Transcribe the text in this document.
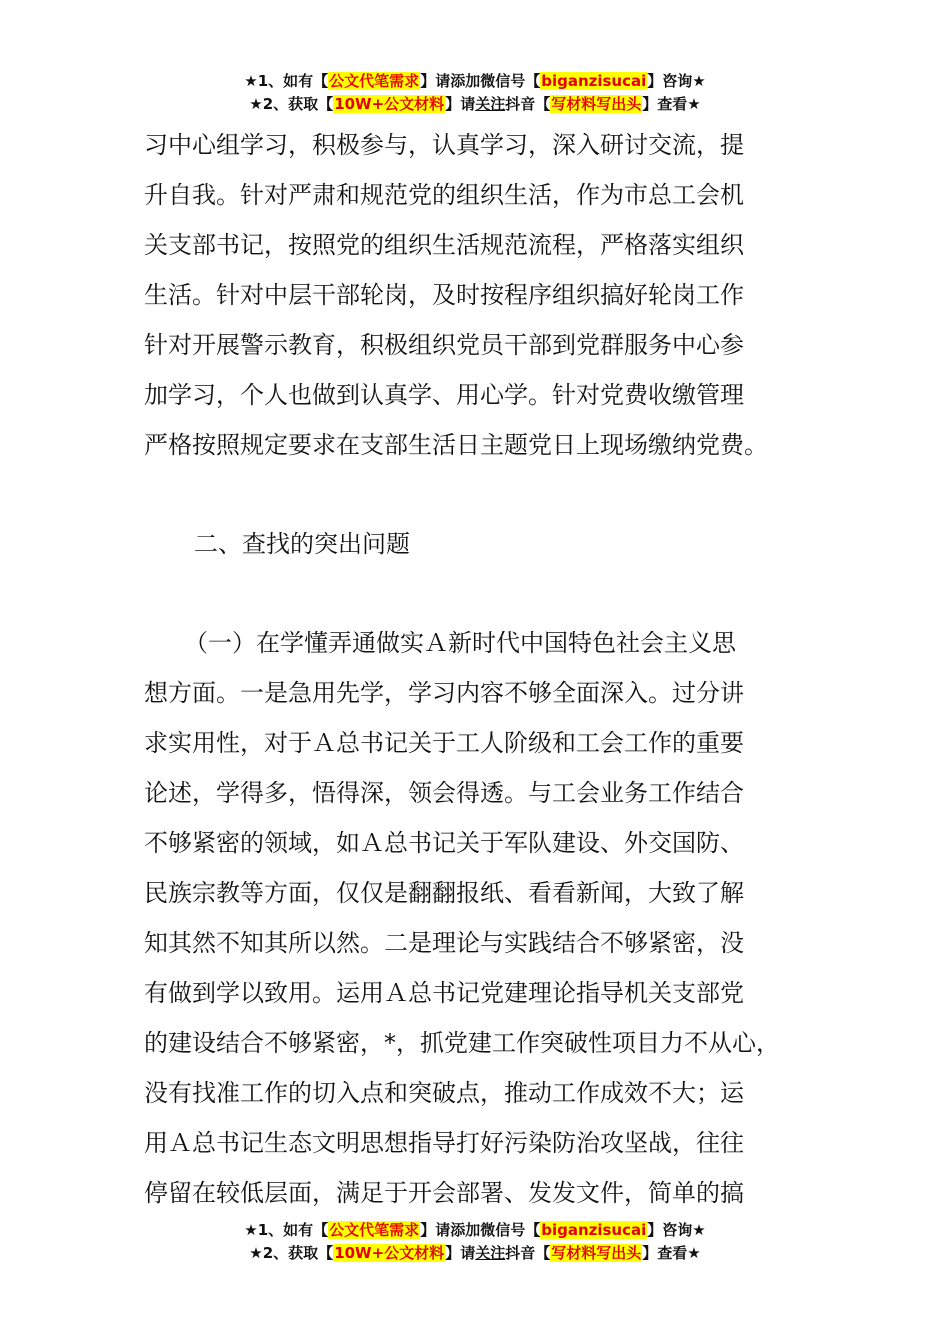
★1、如有【公文代笔需求】请添加微信号【biganzisucai】咨询★
★2、获取【10W+公文材料】请关注抖音【写材料写出头】查看★
习中心组学习，积极参与，认真学习，深入研讨交流，提
升自我。针对严肃和规范党的组织生活，作为市总工会机
关支部书记，按照党的组织生活规范流程，严格落实组织
生活。针对中层干部轮岗，及时按程序组织搞好轮岗工作
针对开展警示教育，积极组织党员干部到党群服务中心参
加学习，个人也做到认真学、用心学。针对党费收缴管理
严格按照规定要求在支部生活日主题党日上现场缴纳党费。
二、查找的突出问题
（一）在学懂弄通做实Ａ新时代中国特色社会主义思
想方面。一是急用先学，学习内容不够全面深入。过分讲
求实用性，对于Ａ总书记关于工人阶级和工会工作的重要
论述，学得多，悟得深，领会得透。与工会业务工作结合
不够紧密的领域，如Ａ总书记关于军队建设、外交国防、
民族宗教等方面，仅仅是翻翻报纸、看看新闻，大致了解
知其然不知其所以然。二是理论与实践结合不够紧密，没
有做到学以致用。运用Ａ总书记党建理论指导机关支部党
的建设结合不够紧密，*，抓党建工作突破性项目力不从心，
没有找准工作的切入点和突破点，推动工作成效不大；运
用Ａ总书记生态文明思想指导打好污染防治攻坚战，往往
停留在较低层面，满足于开会部署、发发文件，简单的搞
★1、如有【公文代笔需求】请添加微信号【biganzisucai】咨询★
★2、获取【10W+公文材料】请关注抖音【写材料写出头】查看★
